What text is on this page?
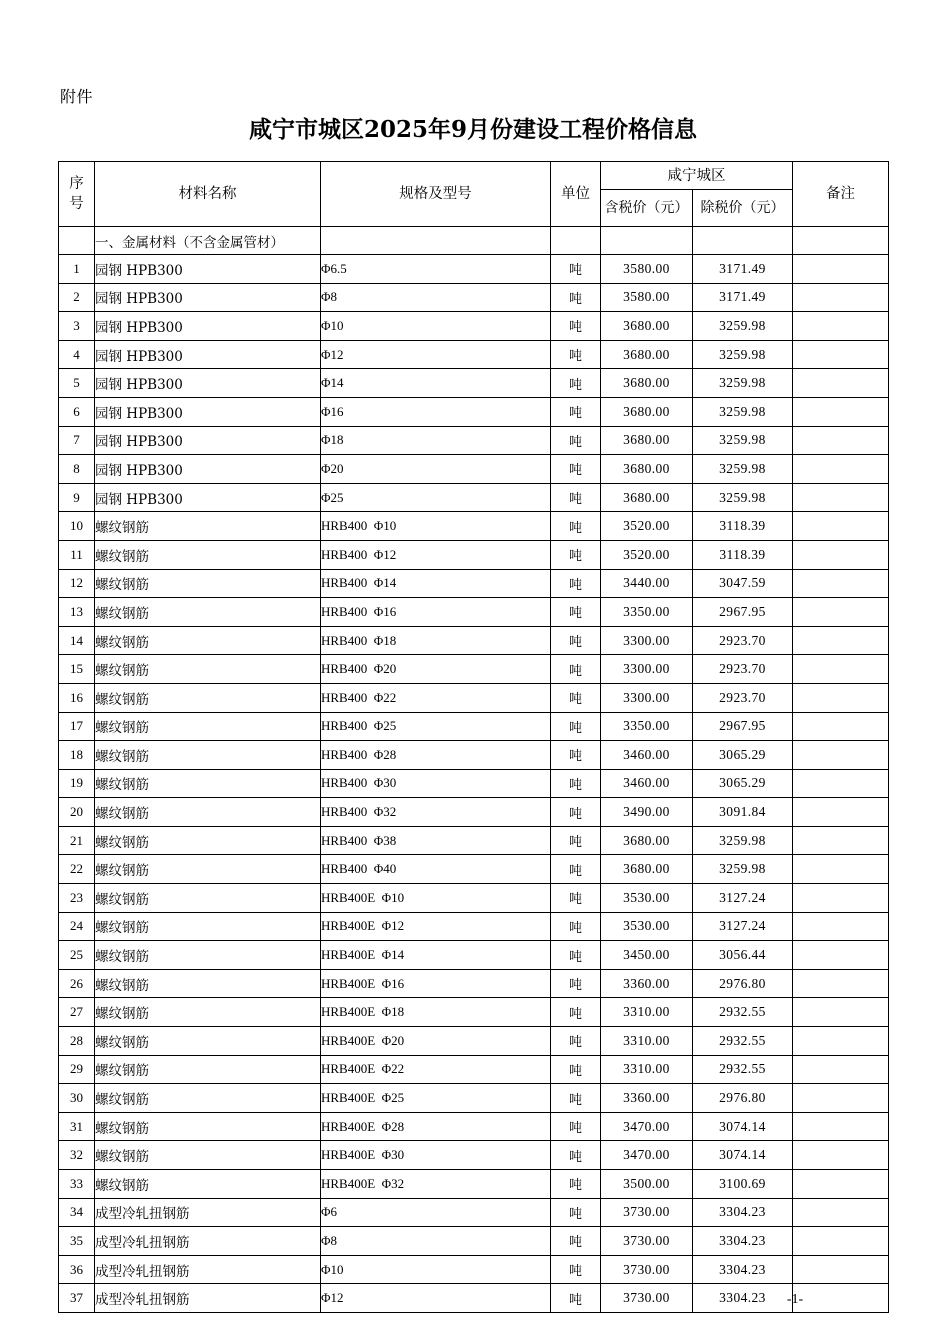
附件
咸宁市城区2025年9月份建设工程价格信息
序
号	材料名称	规格及型号	单位	咸宁城区		备注
				含税价（元）	除税价（元）	
	一、金属材料（不含金属管材）					
1	园钢 HPB300	Φ6.5	吨	3580.00	3171.49	
2	园钢 HPB300	Φ8	吨	3580.00	3171.49	
3	园钢 HPB300	Φ10	吨	3680.00	3259.98	
4	园钢 HPB300	Φ12	吨	3680.00	3259.98	
5	园钢 HPB300	Φ14	吨	3680.00	3259.98	
6	园钢 HPB300	Φ16	吨	3680.00	3259.98	
7	园钢 HPB300	Φ18	吨	3680.00	3259.98	
8	园钢 HPB300	Φ20	吨	3680.00	3259.98	
9	园钢 HPB300	Φ25	吨	3680.00	3259.98	
10	螺纹钢筋	HRB400  Φ10	吨	3520.00	3118.39	
11	螺纹钢筋	HRB400  Φ12	吨	3520.00	3118.39	
12	螺纹钢筋	HRB400  Φ14	吨	3440.00	3047.59	
13	螺纹钢筋	HRB400  Φ16	吨	3350.00	2967.95	
14	螺纹钢筋	HRB400  Φ18	吨	3300.00	2923.70	
15	螺纹钢筋	HRB400  Φ20	吨	3300.00	2923.70	
16	螺纹钢筋	HRB400  Φ22	吨	3300.00	2923.70	
17	螺纹钢筋	HRB400  Φ25	吨	3350.00	2967.95	
18	螺纹钢筋	HRB400  Φ28	吨	3460.00	3065.29	
19	螺纹钢筋	HRB400  Φ30	吨	3460.00	3065.29	
20	螺纹钢筋	HRB400  Φ32	吨	3490.00	3091.84	
21	螺纹钢筋	HRB400  Φ38	吨	3680.00	3259.98	
22	螺纹钢筋	HRB400  Φ40	吨	3680.00	3259.98	
23	螺纹钢筋	HRB400E  Φ10	吨	3530.00	3127.24	
24	螺纹钢筋	HRB400E  Φ12	吨	3530.00	3127.24	
25	螺纹钢筋	HRB400E  Φ14	吨	3450.00	3056.44	
26	螺纹钢筋	HRB400E  Φ16	吨	3360.00	2976.80	
27	螺纹钢筋	HRB400E  Φ18	吨	3310.00	2932.55	
28	螺纹钢筋	HRB400E  Φ20	吨	3310.00	2932.55	
29	螺纹钢筋	HRB400E  Φ22	吨	3310.00	2932.55	
30	螺纹钢筋	HRB400E  Φ25	吨	3360.00	2976.80	
31	螺纹钢筋	HRB400E  Φ28	吨	3470.00	3074.14	
32	螺纹钢筋	HRB400E  Φ30	吨	3470.00	3074.14	
33	螺纹钢筋	HRB400E  Φ32	吨	3500.00	3100.69	
34	成型冷轧扭钢筋	Φ6	吨	3730.00	3304.23	
35	成型冷轧扭钢筋	Φ8	吨	3730.00	3304.23	
36	成型冷轧扭钢筋	Φ10	吨	3730.00	3304.23	
37	成型冷轧扭钢筋	Φ12	吨	3730.00	3304.23		-1-
